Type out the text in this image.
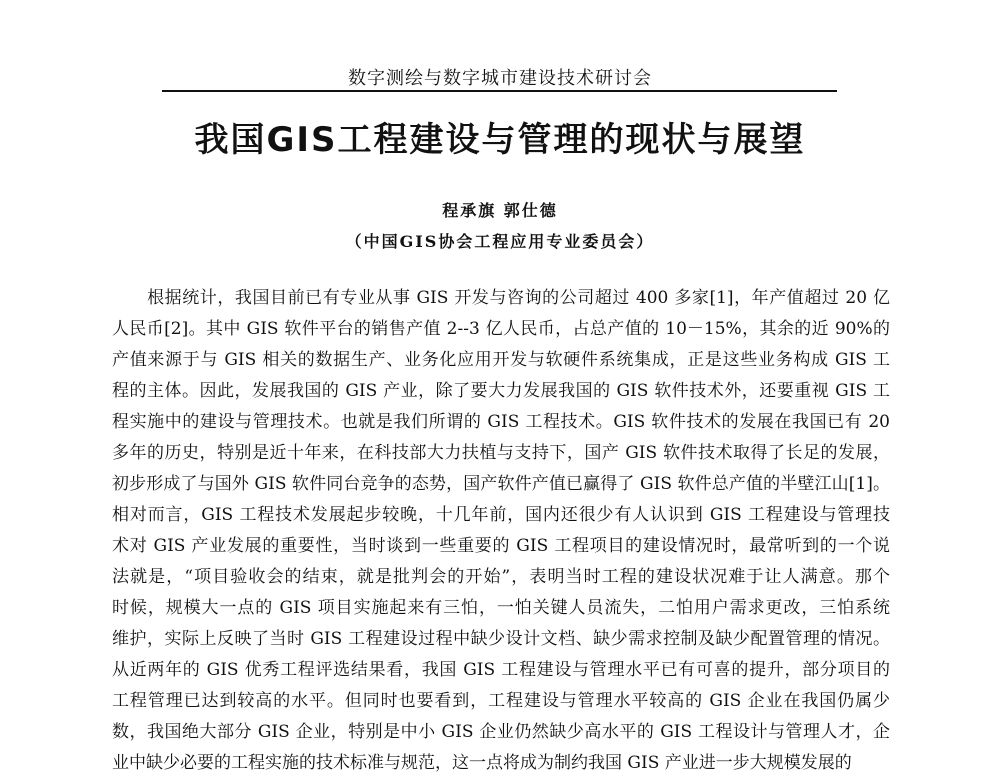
数字测绘与数字城市建设技术研讨会
我国GIS工程建设与管理的现状与展望
程承旗 郭仕德
（中国GIS协会工程应用专业委员会）
　　根据统计，我国目前已有专业从事 GIS 开发与咨询的公司超过 400 多家[1]，年产值超过 20 亿
人民币[2]。其中 GIS 软件平台的销售产值 2--3 亿人民币，占总产值的 10－15%，其余的近 90%的
产值来源于与 GIS 相关的数据生产、业务化应用开发与软硬件系统集成，正是这些业务构成 GIS 工
程的主体。因此，发展我国的 GIS 产业，除了要大力发展我国的 GIS 软件技术外，还要重视 GIS 工
程实施中的建设与管理技术。也就是我们所谓的 GIS 工程技术。GIS 软件技术的发展在我国已有 20
多年的历史，特别是近十年来，在科技部大力扶植与支持下，国产 GIS 软件技术取得了长足的发展，
初步形成了与国外 GIS 软件同台竞争的态势，国产软件产值已赢得了 GIS 软件总产值的半壁江山[1]。
相对而言，GIS 工程技术发展起步较晚，十几年前，国内还很少有人认识到 GIS 工程建设与管理技
术对 GIS 产业发展的重要性，当时谈到一些重要的 GIS 工程项目的建设情况时，最常听到的一个说
法就是，“项目验收会的结束，就是批判会的开始”，表明当时工程的建设状况难于让人满意。那个
时候，规模大一点的 GIS 项目实施起来有三怕，一怕关键人员流失，二怕用户需求更改，三怕系统
维护，实际上反映了当时 GIS 工程建设过程中缺少设计文档、缺少需求控制及缺少配置管理的情况。
从近两年的 GIS 优秀工程评选结果看，我国 GIS 工程建设与管理水平已有可喜的提升，部分项目的
工程管理已达到较高的水平。但同时也要看到，工程建设与管理水平较高的 GIS 企业在我国仍属少
数，我国绝大部分 GIS 企业，特别是中小 GIS 企业仍然缺少高水平的 GIS 工程设计与管理人才，企
业中缺少必要的工程实施的技术标准与规范，这一点将成为制约我国 GIS 产业进一步大规模发展的
